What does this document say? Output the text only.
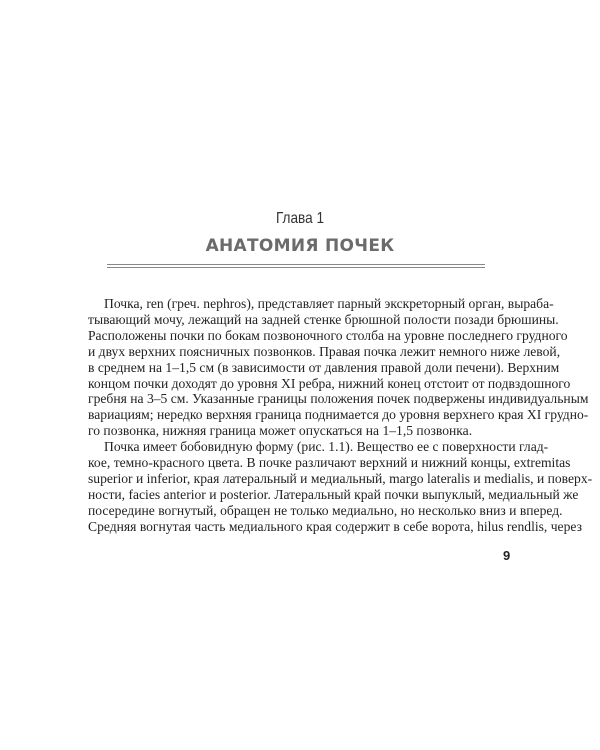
Глава 1
АНАТОМИЯ ПОЧЕК
Почка, ren (греч. nephros), представляет парный экскреторный орган, выраба-
тывающий мочу, лежащий на задней стенке брюшной полости позади брюшины.
Расположены почки по бокам позвоночного столба на уровне последнего грудного
и двух верхних поясничных позвонков. Правая почка лежит немного ниже левой,
в среднем на 1–1,5 см (в зависимости от давления правой доли печени). Верхним
концом почки доходят до уровня XI ребра, нижний конец отстоит от подвздошного
гребня на 3–5 см. Указанные границы положения почек подвержены индивидуальным
вариациям; нередко верхняя граница поднимается до уровня верхнего края XI грудно-
го позвонка, нижняя граница может опускаться на 1–1,5 позвонка.
Почка имеет бобовидную форму (рис. 1.1). Вещество ее с поверхности глад-
кое, темно-красного цвета. В почке различают верхний и нижний концы, extremitas
superior и inferior, края латеральный и медиальный, margo lateralis и medialis, и поверх-
ности, facies anterior и posterior. Латеральный край почки выпуклый, медиальный же
посередине вогнутый, обращен не только медиально, но несколько вниз и вперед.
Средняя вогнутая часть медиального края содержит в себе ворота, hilus rendlis, через
9
